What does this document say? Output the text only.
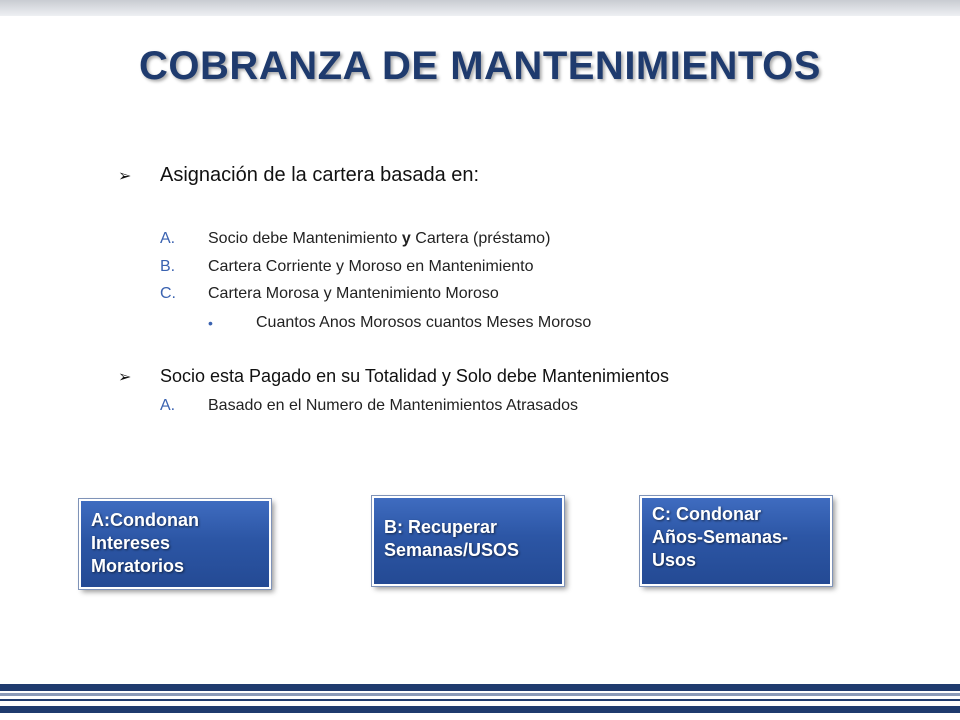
COBRANZA DE MANTENIMIENTOS
➢	Asignación de la cartera basada en:
A.	Socio debe Mantenimiento y Cartera (préstamo)
B.	Cartera Corriente y Moroso en Mantenimiento
C.	Cartera Morosa y Mantenimiento Moroso
•	Cuantos Anos Morosos cuantos Meses Moroso
➢	Socio esta Pagado en su Totalidad y Solo debe Mantenimientos
A.	Basado en el Numero de Mantenimientos Atrasados
A:Condonan
Intereses
Moratorios
B: Recuperar
Semanas/USOS
C: Condonar
Años-Semanas-
Usos
